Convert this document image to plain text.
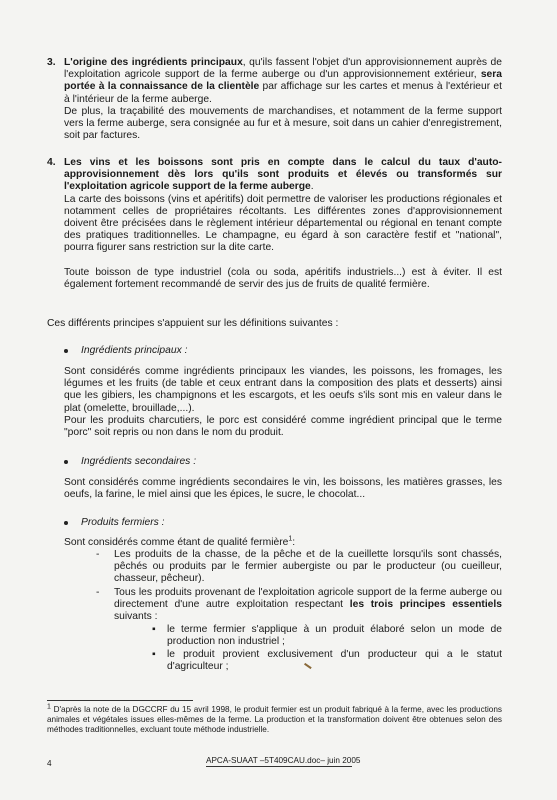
3. L'origine des ingrédients principaux, qu'ils fassent l'objet d'un approvisionnement auprès de l'exploitation agricole support de la ferme auberge ou d'un approvisionnement extérieur, sera portée à la connaissance de la clientèle par affichage sur les cartes et menus à l'extérieur et à l'intérieur de la ferme auberge.

De plus, la traçabilité des mouvements de marchandises, et notamment de la ferme support vers la ferme auberge, sera consignée au fur et à mesure, soit dans un cahier d'enregistrement, soit par factures.

4. Les vins et les boissons sont pris en compte dans le calcul du taux d'auto-approvisionnement dès lors qu'ils sont produits et élevés ou transformés sur l'exploitation agricole support de la ferme auberge.

La carte des boissons (vins et apéritifs) doit permettre de valoriser les productions régionales et notamment celles de propriétaires récoltants. Les différentes zones d'approvisionnement doivent être précisées dans le règlement intérieur départemental ou régional en tenant compte des pratiques traditionnelles. Le champagne, eu égard à son caractère festif et "national", pourra figurer sans restriction sur la dite carte.

Toute boisson de type industriel (cola ou soda, apéritifs industriels...) est à éviter. Il est également fortement recommandé de servir des jus de fruits de qualité fermière.

Ces différents principes s'appuient sur les définitions suivantes :

Ingrédients principaux :

Sont considérés comme ingrédients principaux les viandes, les poissons, les fromages, les légumes et les fruits (de table et ceux entrant dans la composition des plats et desserts) ainsi que les gibiers, les champignons et les escargots, et les oeufs s'ils sont mis en valeur dans le plat (omelette, brouillade,...).

Pour les produits charcutiers, le porc est considéré comme ingrédient principal que le terme "porc" soit repris ou non dans le nom du produit.

Ingrédients secondaires :

Sont considérés comme ingrédients secondaires le vin, les boissons, les matières grasses, les oeufs, la farine, le miel ainsi que les épices, le sucre, le chocolat...

Produits fermiers :

Sont considérés comme étant de qualité fermière$^1$:

- Les produits de la chasse, de la pêche et de la cueillette lorsqu'ils sont chassés, pêchés ou produits par le fermier aubergiste ou par le producteur (ou cueilleur, chasseur, pêcheur).
- Tous les produits provenant de l'exploitation agricole support de la ferme auberge ou directement d'une autre exploitation respectant les trois principes essentiels suivants :
▪ le terme fermier s'applique à un produit élaboré selon un mode de production non industriel ;
▪ le produit provient exclusivement d'un producteur qui a le statut d'agriculteur ;
$^1$ D'après la note de la DGCCRF du 15 avril 1998, le produit fermier est un produit fabriqué à la ferme, avec les productions animales et végétales issues elles-mêmes de la ferme. La production et la transformation doivent être obtenues selon des méthodes traditionnelles, excluant toute méthode industrielle.
4	APCA-SUAAT –5T409CAU.doc– juin 2005
